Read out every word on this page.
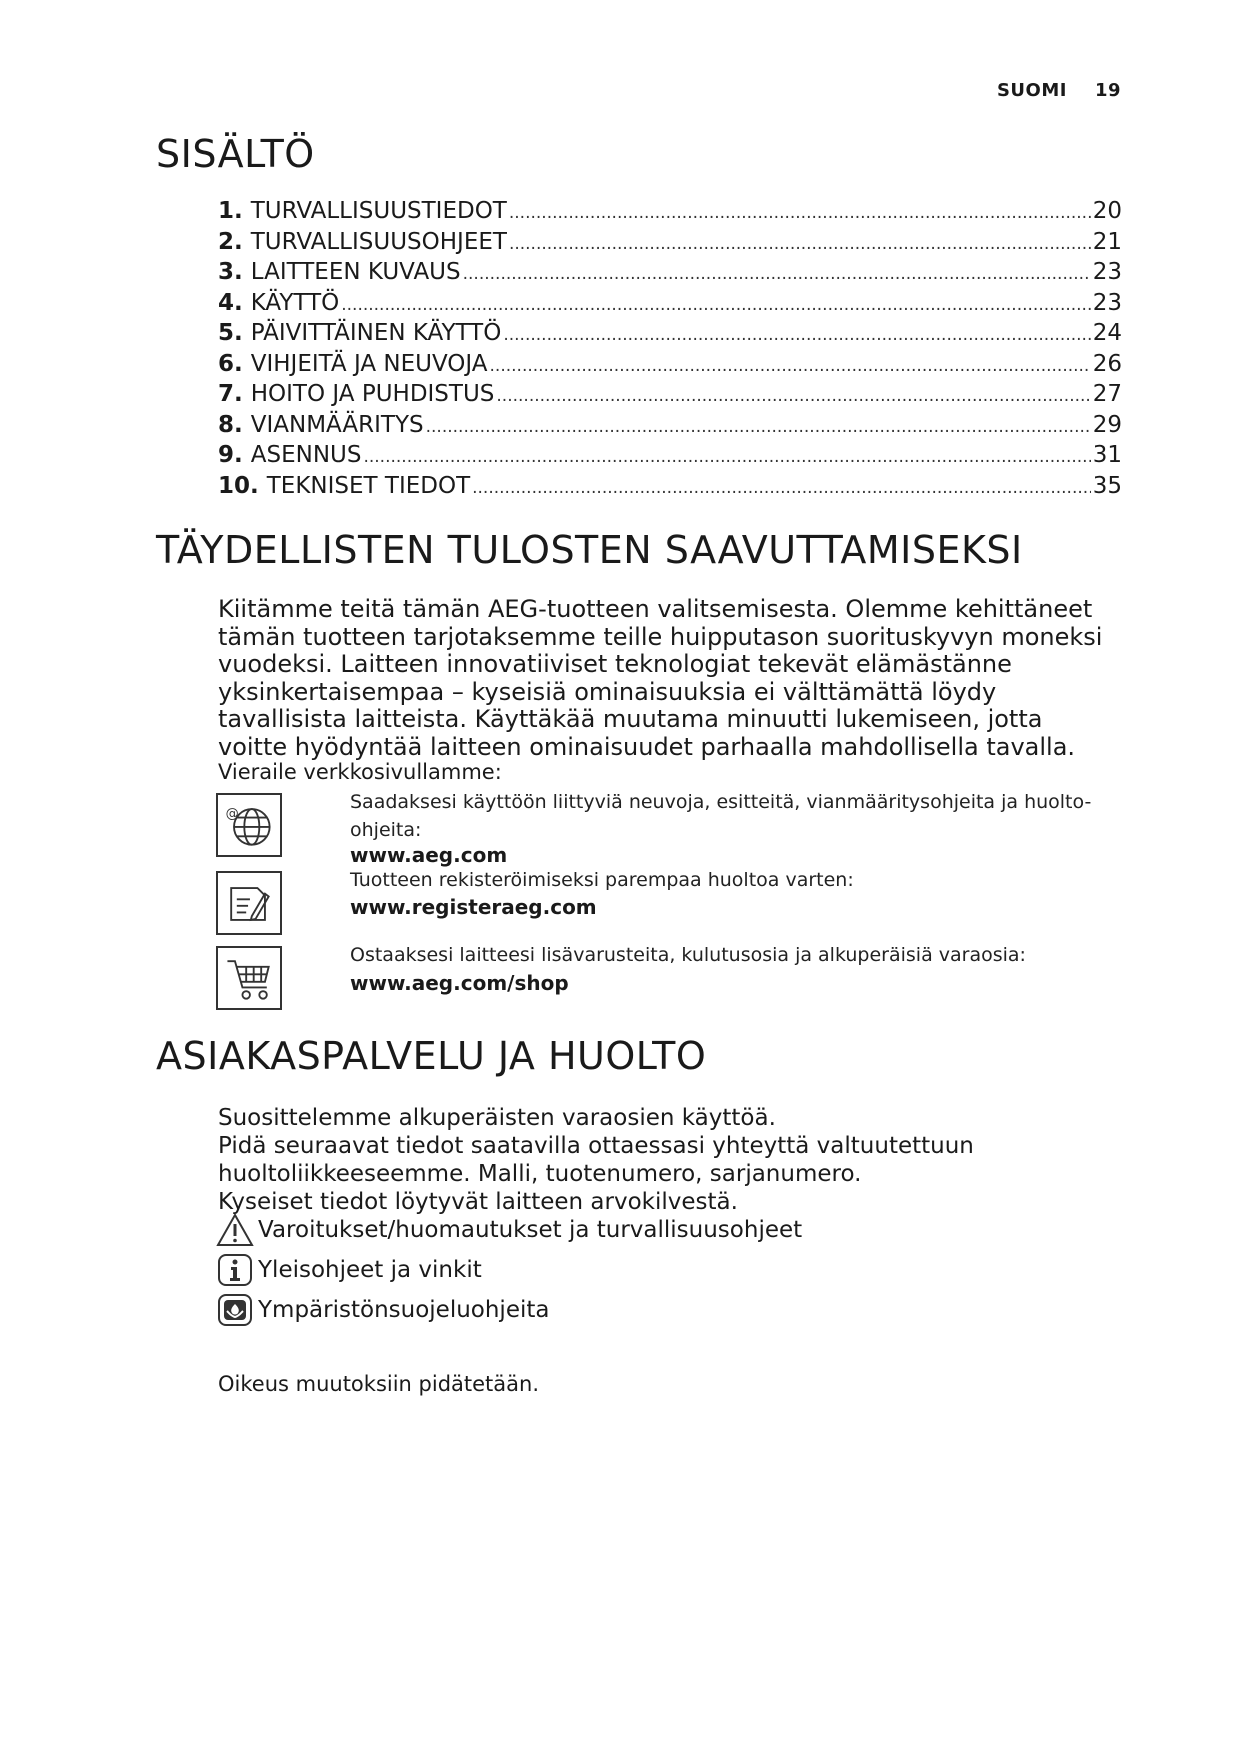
SUOMI 19
SISÄLTÖ
1. TURVALLISUUSTIEDOT .....	20
2. TURVALLISUUSOHJEET .....	21
3. LAITTEEN KUVAUS .....	23
4. KÄYTTÖ .....	23
5. PÄIVITTÄINEN KÄYTTÖ .....	24
6. VIHJEITÄ JA NEUVOJA .....	26
7. HOITO JA PUHDISTUS .....	27
8. VIANMÄÄRITYS .....	29
9. ASENNUS .....	31
10. TEKNISET TIEDOT .....	35
TÄYDELLISTEN TULOSTEN SAAVUTTAMISEKSI

Kiitämme teitä tämän AEG-tuotteen valitsemisesta. Olemme kehittäneet tämän tuotteen tarjotaksemme teille huipputason suorituskyvyn moneksi vuodeksi. Laitteen innovatiiviset teknologiat tekevät elämästänne yksinkertaisempaa – kyseisiä ominaisuuksia ei välttämättä löydy tavallisista laitteista. Käyttäkää muutama minuutti lukemiseen, jotta voitte hyödyntää laitteen ominaisuudet parhaalla mahdollisella tavalla.

Vieraile verkkosivullamme:

@
Saadaksesi käyttöön liittyviä neuvoja, esitteitä, vianmääritysohjeita ja huolto-ohjeita:
www.aeg.com
Tuotteen rekisteröimiseksi parempaa huoltoa varten:
www.registeraeg.com
Ostaaksesi laitteesi lisävarusteita, kulutusosia ja alkuperäisiä varaosia:
www.aeg.com/shop
ASIAKASPALVELU JA HUOLTO
Suosittelemme alkuperäisten varaosien käyttöä.
Pidä seuraavat tiedot saatavilla ottaessasi yhteyttä valtuutettuun huoltoliikkeeseemme. Malli, tuotenumero, sarjanumero.
Kyseiset tiedot löytyvät laitteen arvokilvestä.
Varoitukset/huomautukset ja turvallisuusohjeet
Yleisohjeet ja vinkit
Ympäristönsuojeluohjeita
Oikeus muutoksiin pidätetään.
